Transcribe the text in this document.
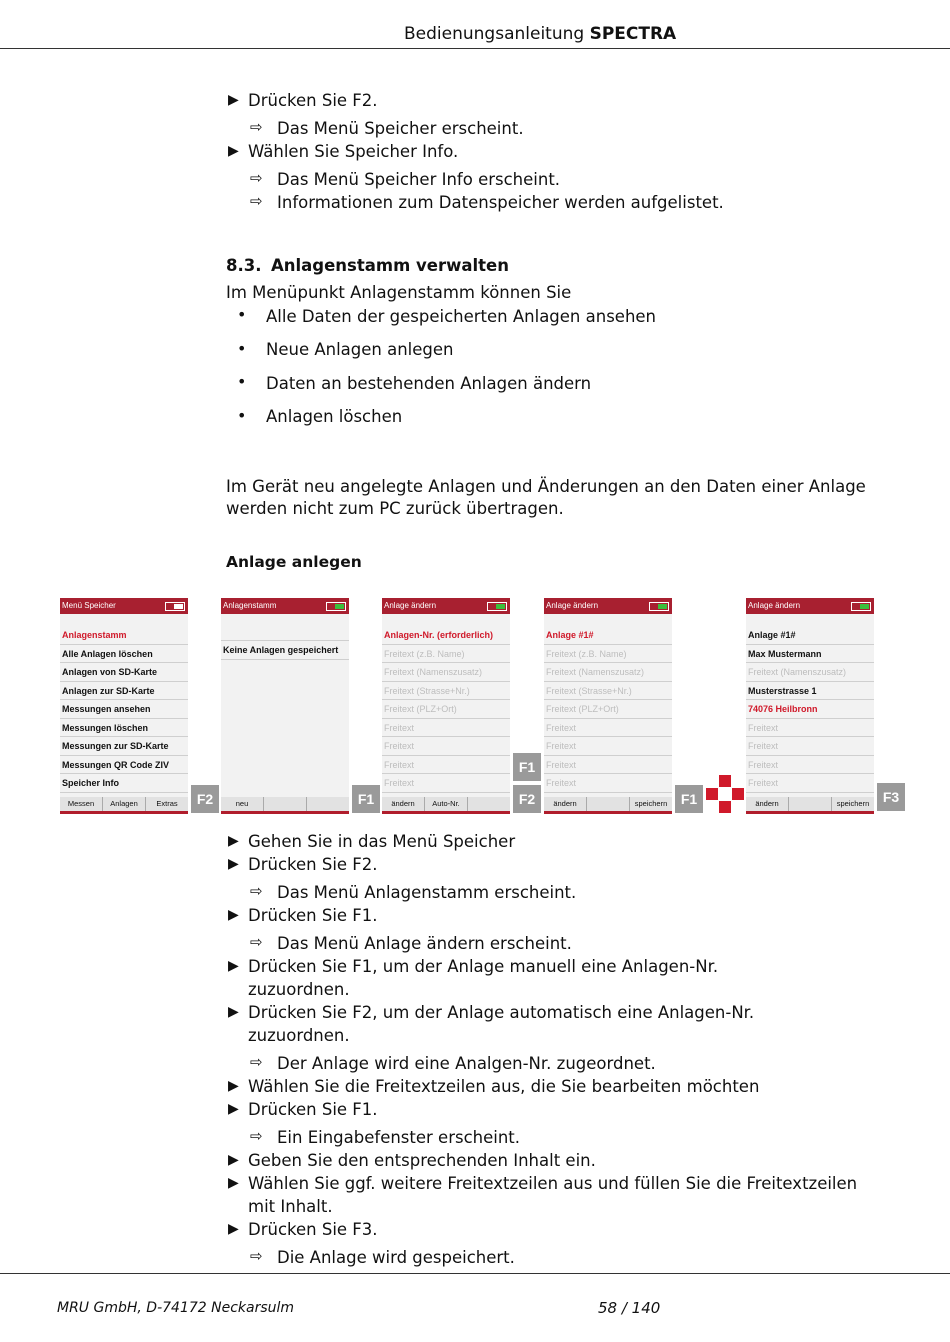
Bedienungsanleitung SPECTRA
▶ Drücken Sie F2.
⇨ Das Menü Speicher erscheint.
▶ Wählen Sie Speicher Info.
⇨ Das Menü Speicher Info erscheint.
⇨ Informationen zum Datenspeicher werden aufgelistet.
8.3. Anlagenstamm verwalten
Im Menüpunkt Anlagenstamm können Sie
• Alle Daten der gespeicherten Anlagen ansehen
• Neue Anlagen anlegen
• Daten an bestehenden Anlagen ändern
• Anlagen löschen
Im Gerät neu angelegte Anlagen und Änderungen an den Daten einer Anlage
werden nicht zum PC zurück übertragen.
Anlage anlegen
Menü Speicher
Anlagenstamm
Alle Anlagen löschen
Anlagen von SD-Karte
Anlagen zur SD-Karte
Messungen ansehen
Messungen löschen
Messungen zur SD-Karte
Messungen QR Code ZIV
Speicher Info
Messen	Anlagen	Extras	F2
Anlagenstamm
Keine Anlagen gespeichert
neu	F1
Anlage ändern
Anlagen-Nr. (erforderlich)
Freitext (z.B. Name)
Freitext (Namenszusatz)
Freitext (Strasse+Nr.)
Freitext (PLZ+Ort)
Freitext
Freitext
Freitext
Freitext
ändern	Auto-Nr.
F1
F2
Anlage ändern
Anlage #1#
Freitext (z.B. Name)
Freitext (Namenszusatz)
Freitext (Strasse+Nr.)
Freitext (PLZ+Ort)
Freitext
Freitext
Freitext
Freitext
ändern	speichern F1
Anlage ändern
Anlage #1#
Max Mustermann
Freitext (Namenszusatz)
Musterstrasse 1
74076 Heilbronn
Freitext
Freitext
Freitext
Freitext
ändern	speichern F3
▶ Gehen Sie in das Menü Speicher
▶ Drücken Sie F2.
⇨ Das Menü Anlagenstamm erscheint.
▶ Drücken Sie F1.
⇨ Das Menü Anlage ändern erscheint.
▶ Drücken Sie F1, um der Anlage manuell eine Anlagen-Nr.
zuzuordnen.
▶ Drücken Sie F2, um der Anlage automatisch eine Anlagen-Nr.
zuzuordnen.
⇨ Der Anlage wird eine Analgen-Nr. zugeordnet.
▶ Wählen Sie die Freitextzeilen aus, die Sie bearbeiten möchten
▶ Drücken Sie F1.
⇨ Ein Eingabefenster erscheint.
▶ Geben Sie den entsprechenden Inhalt ein.
▶ Wählen Sie ggf. weitere Freitextzeilen aus und füllen Sie die Freitextzeilen
mit Inhalt.
▶ Drücken Sie F3.
⇨ Die Anlage wird gespeichert.
MRU GmbH, D-74172 Neckarsulm	58 / 140
